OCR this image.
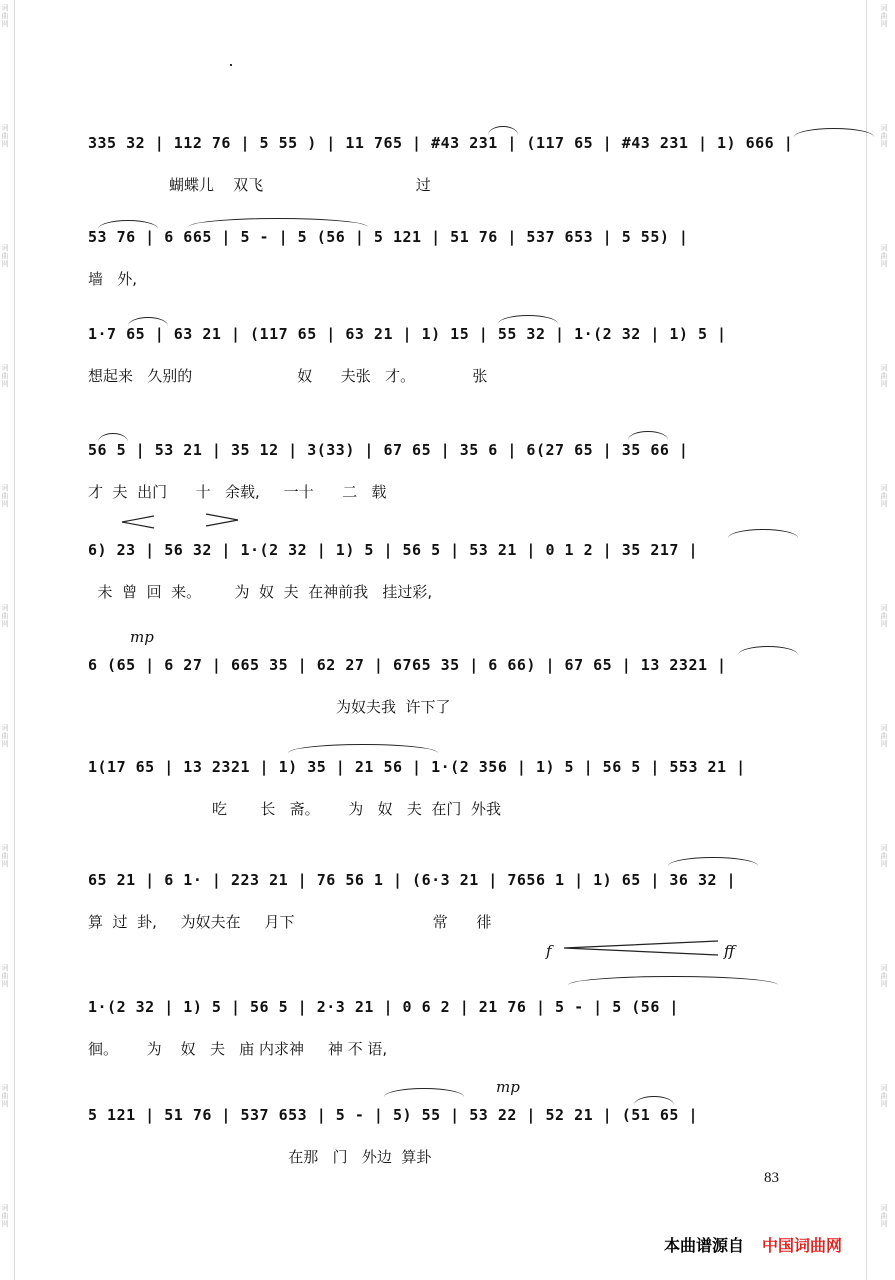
词
曲
网
词
曲
网
词
曲
网
词
曲
网
词
曲
网
词
曲
网
词
曲
网
词
曲
网
词
曲
网
词
曲
网
词
曲
网
词
曲
网
词
曲
网
词
曲
网
词
曲
网
词
曲
网
词
曲
网
词
曲
网
词
曲
网
词
曲
网
词
曲
网
词
曲
网
335 32 | 112 76 | 5 55 ) | 11 765 | #43 231 | (117 65 | #43 231 | 1) 666 |
蝴蝶儿    双飞                                过
53 76 | 6 665 | 5 - | 5 (56 | 5 121 | 51 76 | 537 653 | 5 55) |
墙   外,
1·7 65 | 63 21 | (117 65 | 63 21 | 1) 15 | 55 32 | 1·(2 32 | 1) 5 |
想起来   久别的                      奴      夫张   才。            张
56 5 | 53 21 | 35 12 | 3(33) | 67 65 | 35 6 | 6(27 65 | 35 66 |
才  夫  出门      十   余载,     一十      二   载
6) 23 | 56 32 | 1·(2 32 | 1) 5 | 56 5 | 53 21 | 0 1 2 | 35 217 |
未  曾  回  来。       为  奴  夫  在神前我   挂过彩,
mp
6 (65 | 6 27 | 665 35 | 62 27 | 6765 35 | 6 66) | 67 65 | 13 2321 |
为奴夫我  许下了
1(17 65 | 13 2321 | 1) 35 | 21 56 | 1·(2 356 | 1) 5 | 56 5 | 553 21 |
吃       长   斋。      为   奴   夫  在门  外我
65 21 | 6 1· | 223 21 | 76 56 1 | (6·3 21 | 7656 1 | 1) 65 | 36 32 |
算  过  卦,     为奴夫在     月下                             常      徘
f	ff
1·(2 32 | 1) 5 | 56 5 | 2·3 21 | 0 6 2 | 21 76 | 5 - | 5 (56 |
徊。      为    奴   夫   庙 内求神     神 不 语,
mp
5 121 | 51 76 | 537 653 | 5 - | 5) 55 | 53 22 | 52 21 | (51 65 |
在那   门   外边  算卦
83
本曲谱源自 中国词曲网
